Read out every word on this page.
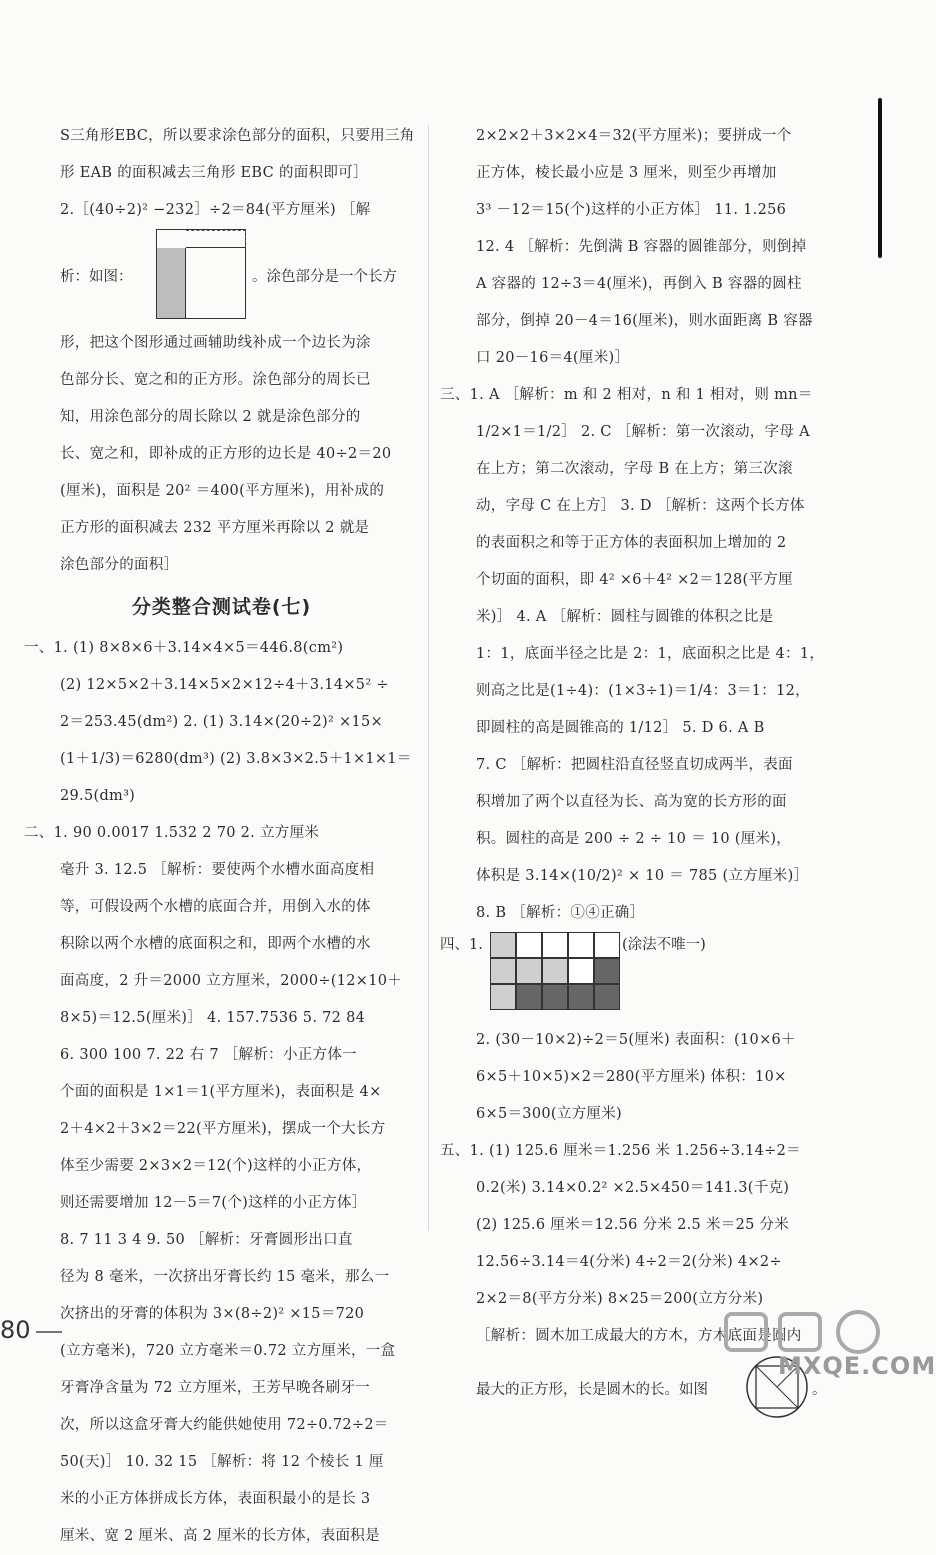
S三角形EBC，所以要求涂色部分的面积，只要用三角
形 EAB 的面积减去三角形 EBC 的面积即可］
2.［(40÷2)² −232］÷2＝84(平方厘米) ［解
析：如图：	。涂色部分是一个长方
形，把这个图形通过画辅助线补成一个边长为涂
色部分长、宽之和的正方形。涂色部分的周长已
知，用涂色部分的周长除以 2 就是涂色部分的
长、宽之和，即补成的正方形的边长是 40÷2＝20
(厘米)，面积是 20² ＝400(平方厘米)，用补成的
正方形的面积减去 232 平方厘米再除以 2 就是
涂色部分的面积］
分类整合测试卷(七)
一、1. (1) 8×8×6＋3.14×4×5＝446.8(cm²)
(2) 12×5×2＋3.14×5×2×12÷4＋3.14×5² ÷
2＝253.45(dm²) 2. (1) 3.14×(20÷2)² ×15×
(1＋1/3)＝6280(dm³) (2) 3.8×3×2.5＋1×1×1＝
29.5(dm³)
二、1. 90 0.0017 1.532 2 70 2. 立方厘米
毫升 3. 12.5 ［解析：要使两个水槽水面高度相
等，可假设两个水槽的底面合并，用倒入水的体
积除以两个水槽的底面积之和，即两个水槽的水
面高度，2 升＝2000 立方厘米，2000÷(12×10＋
8×5)＝12.5(厘米)］ 4. 157.7536 5. 72 84
6. 300 100 7. 22 右 7 ［解析：小正方体一
个面的面积是 1×1＝1(平方厘米)，表面积是 4×
2＋4×2＋3×2＝22(平方厘米)，摆成一个大长方
体至少需要 2×3×2＝12(个)这样的小正方体，
则还需要增加 12－5＝7(个)这样的小正方体］
8. 7 11 3 4 9. 50 ［解析：牙膏圆形出口直
径为 8 毫米，一次挤出牙膏长约 15 毫米，那么一
次挤出的牙膏的体积为 3×(8÷2)² ×15＝720
(立方毫米)，720 立方毫米＝0.72 立方厘米，一盒
牙膏净含量为 72 立方厘米，王芳早晚各刷牙一
次，所以这盒牙膏大约能供她使用 72÷0.72÷2＝
50(天)］ 10. 32 15 ［解析：将 12 个棱长 1 厘
米的小正方体拼成长方体，表面积最小的是长 3
厘米、宽 2 厘米、高 2 厘米的长方体，表面积是
2×2×2＋3×2×4＝32(平方厘米)；要拼成一个
正方体，棱长最小应是 3 厘米，则至少再增加
3³ －12＝15(个)这样的小正方体］ 11. 1.256
12. 4 ［解析：先倒满 B 容器的圆锥部分，则倒掉
A 容器的 12÷3＝4(厘米)，再倒入 B 容器的圆柱
部分，倒掉 20－4＝16(厘米)，则水面距离 B 容器
口 20－16＝4(厘米)］
三、1. A ［解析：m 和 2 相对，n 和 1 相对，则 mn＝
1/2×1＝1/2］ 2. C ［解析：第一次滚动，字母 A
在上方；第二次滚动，字母 B 在上方；第三次滚
动，字母 C 在上方］ 3. D ［解析：这两个长方体
的表面积之和等于正方体的表面积加上增加的 2
个切面的面积，即 4² ×6＋4² ×2＝128(平方厘
米)］ 4. A ［解析：圆柱与圆锥的体积之比是
1：1，底面半径之比是 2：1，底面积之比是 4：1，
则高之比是(1÷4)：(1×3÷1)＝1/4：3＝1：12，
即圆柱的高是圆锥高的 1/12］ 5. D 6. A B
7. C ［解析：把圆柱沿直径竖直切成两半，表面
积增加了两个以直径为长、高为宽的长方形的面
积。圆柱的高是 200 ÷ 2 ÷ 10 ＝ 10 (厘米)，
体积是 3.14×(10/2)² × 10 ＝ 785 (立方厘米)］
8. B ［解析：①④正确］
四、1.

					(涂法不唯一)
2. (30－10×2)÷2＝5(厘米) 表面积：(10×6＋
6×5＋10×5)×2＝280(平方厘米) 体积：10×
6×5＝300(立方厘米)
五、1. (1) 125.6 厘米＝1.256 米 1.256÷3.14÷2＝
0.2(米) 3.14×0.2² ×2.5×450＝141.3(千克)
(2) 125.6 厘米＝12.56 分米 2.5 米＝25 分米
12.56÷3.14＝4(分米) 4÷2＝2(分米) 4×2÷
2×2＝8(平方分米) 8×25＝200(立方分米)
［解析：圆木加工成最大的方木，方木底面是圆内
最大的正方形，长是圆木的长。如图	。
80
MXQE.COM
